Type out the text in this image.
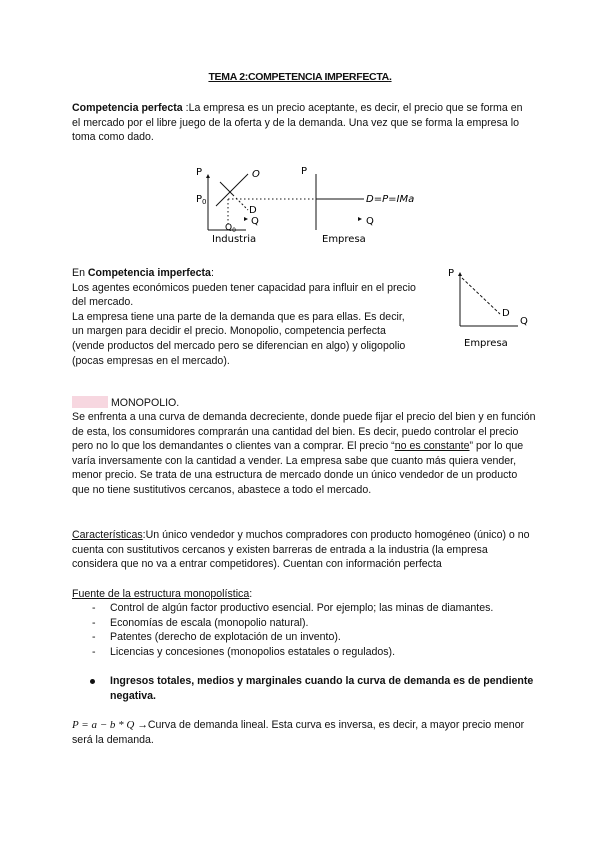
TEMA 2:COMPETENCIA IMPERFECTA.

Competencia perfecta :La empresa es un precio aceptante, es decir, el precio que se forma en el mercado por el libre juego de la oferta y de la demanda. Una vez que se forma la empresa lo toma como dado.

P	O
$P_0$
D
Q
$Q_0$
Industria
P
D=P=IMa
Q
Empresa

En Competencia imperfecta:
Los agentes económicos pueden tener capacidad para influir en el precio
del mercado.
La empresa tiene una parte de la demanda que es para ellas. Es decir,
un margen para decidir el precio. Monopolio, competencia perfecta
(vende productos del mercado pero se diferencian en algo) y oligopolio
(pocas empresas en el mercado).

P
D
Q
Empresa
MONOPOLIO.

Se enfrenta a una curva de demanda decreciente, donde puede fijar el precio del bien y en función de esta, los consumidores comprarán una cantidad del bien. Es decir, puedo controlar el precio pero no lo que los demandantes o clientes van a comprar. El precio “no es constante” por lo que varía inversamente con la cantidad a vender. La empresa sabe que cuanto más quiera vender, menor precio. Se trata de una estructura de mercado donde un único vendedor de un producto que no tiene sustitutivos cercanos, abastece a todo el mercado.

Características:Un único vendedor y muchos compradores con producto homogéneo (único) o no cuenta con sustitutivos cercanos y existen barreras de entrada a la industria (la empresa considera que no va a entrar competidores). Cuentan con información perfecta

Fuente de la estructura monopolística:

- Control de algún factor productivo esencial. Por ejemplo; las minas de diamantes.
- Economías de escala (monopolio natural).
- Patentes (derecho de explotación de un invento).
- Licencias y concesiones (monopolios estatales o regulados).
Ingresos totales, medios y marginales cuando la curva de demanda es de pendiente negativa.
P = a − b * Q →Curva de demanda lineal. Esta curva es inversa, es decir, a mayor precio menor será la demanda.
